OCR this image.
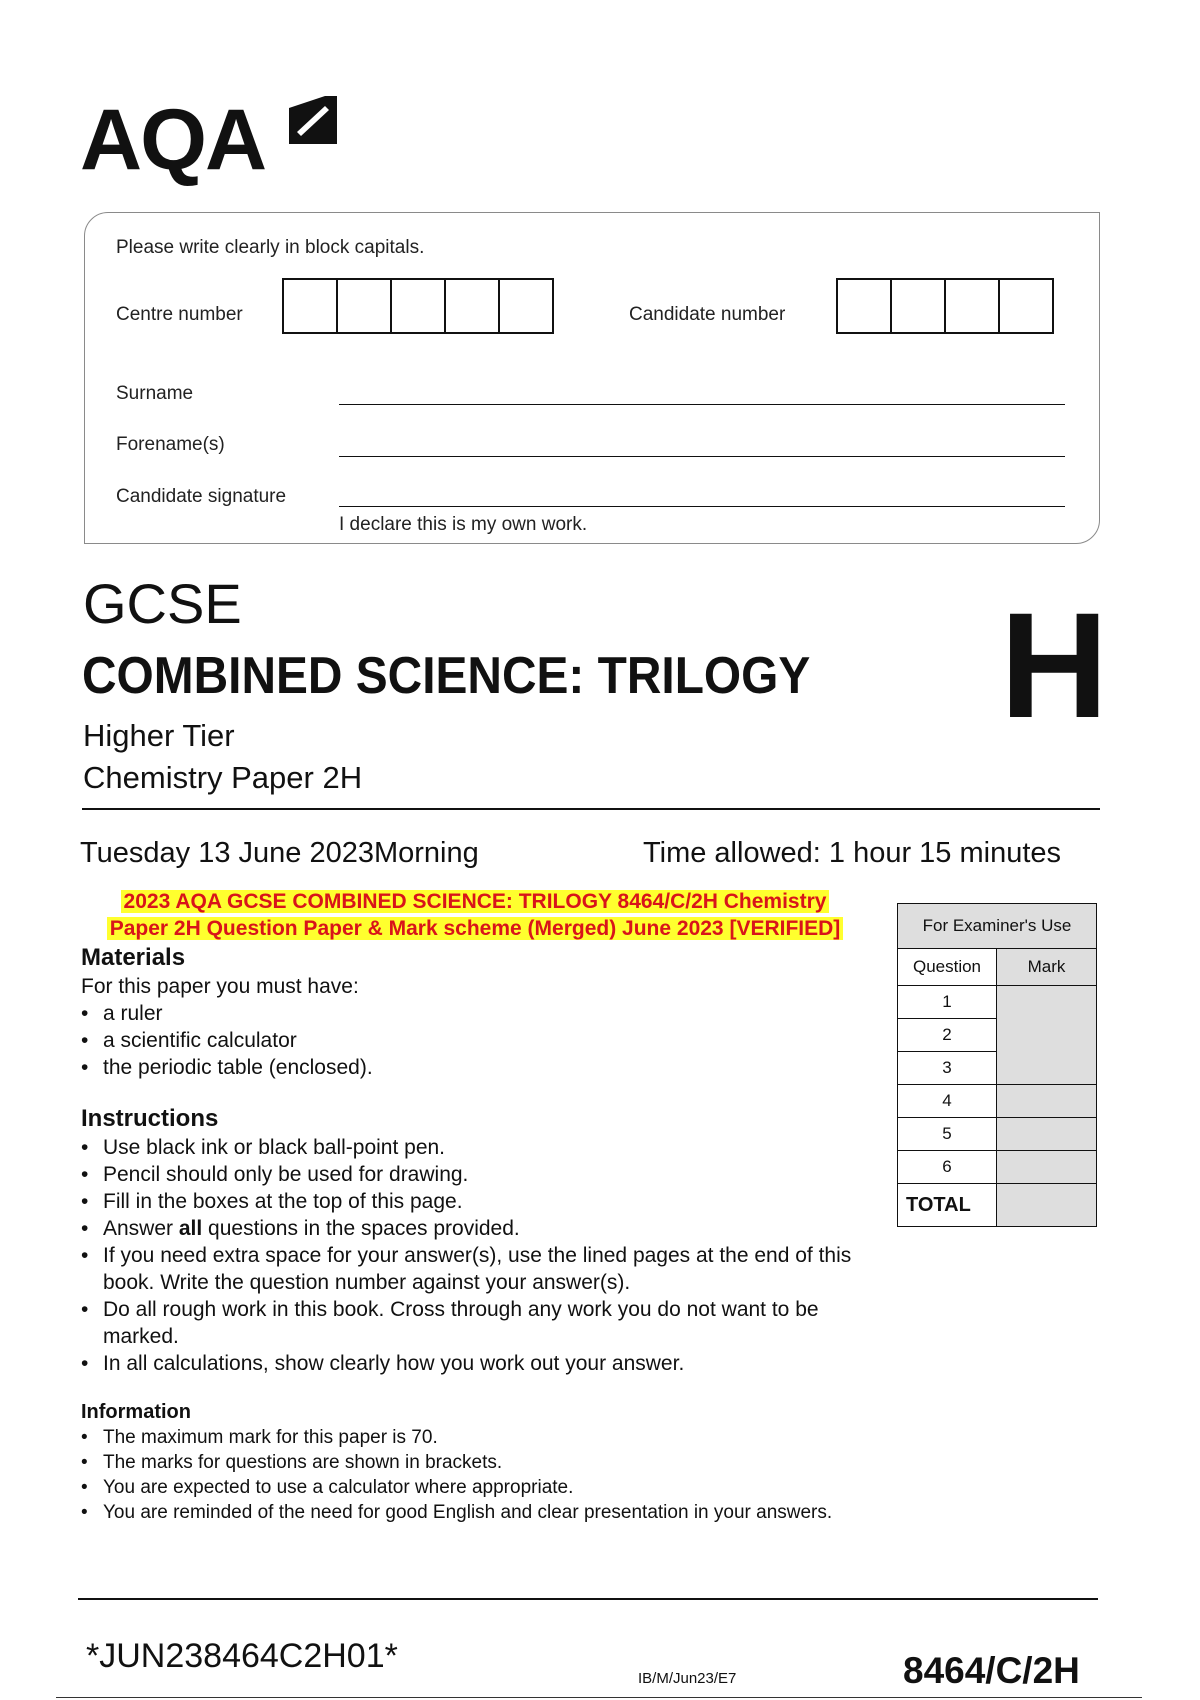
AQA
Please write clearly in block capitals.
Centre number	Candidate number
Surname
Forename(s)
Candidate signature
I declare this is my own work.
GCSE
COMBINED SCIENCE: TRILOGY
Higher Tier
Chemistry Paper 2H
H
Tuesday 13 June 2023Morning	Time allowed: 1 hour 15 minutes
2023 AQA GCSE COMBINED SCIENCE: TRILOGY 8464/C/2H Chemistry
Paper 2H Question Paper & Mark scheme (Merged) June 2023 [VERIFIED]
Materials
For this paper you must have:
• a ruler
• a scientific calculator
• the periodic table (enclosed).
Instructions
• Use black ink or black ball-point pen.
• Pencil should only be used for drawing.
• Fill in the boxes at the top of this page.
• Answer all questions in the spaces provided.
• If you need extra space for your answer(s), use the lined pages at the end of this book. Write the question number against your answer(s).
• Do all rough work in this book. Cross through any work you do not want to be marked.
• In all calculations, show clearly how you work out your answer.
Information
• The maximum mark for this paper is 70.
• The marks for questions are shown in brackets.
• You are expected to use a calculator where appropriate.
• You are reminded of the need for good English and clear presentation in your answers.
For Examiner's Use	
Question	Mark
1	
2	
3	
4	
5	
6	
TOTAL	
*JUN238464C2H01*
IB/M/Jun23/E7	8464/C/2H
